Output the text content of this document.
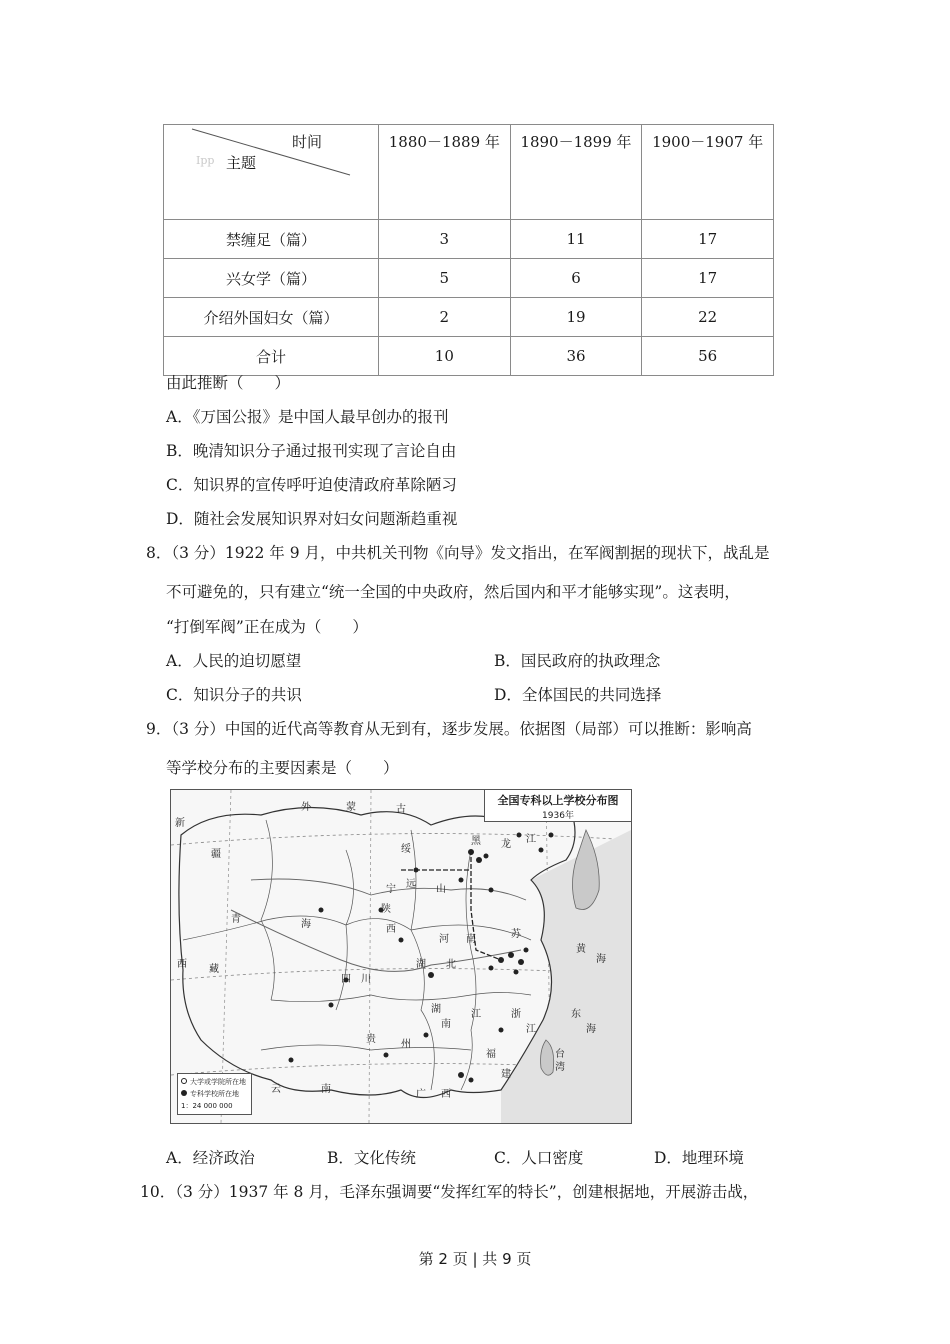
Ipp
时间
主题	1880－1889 年	1890－1899 年	1900－1907 年
禁缠足（篇）	3	11	17
兴女学（篇）	5	6	17
介绍外国妇女（篇）	2	19	22
合计	10	36	56
由此推断（　　）
A．《万国公报》是中国人最早创办的报刊
B．晚清知识分子通过报刊实现了言论自由
C．知识界的宣传呼吁迫使清政府革除陋习
D．随社会发展知识界对妇女问题渐趋重视
8．（3 分）1922 年 9 月，中共机关刊物《向导》发文指出，在军阀割据的现状下，战乱是
不可避免的，只有建立“统一全国的中央政府，然后国内和平才能够实现”。这表明，
“打倒军阀”正在成为（　　）
A．人民的迫切愿望	B．国民政府的执政理念
C．知识分子的共识	D．全体国民的共同选择
9．（3 分）中国的近代高等教育从无到有，逐步发展。依据图（局部）可以推断：影响高
等学校分布的主要因素是（　　）
新
疆
外	蒙	古
宁
绥
远
青	海
西 藏
四 川
陕
西
山
河 南
湖 北
云	南
贵	州
湖
南
广 西
江
苏
浙
江
福
建
黄
海
东
海
台
湾
黑 龙 江
全国专科以上学校分布图
1936年
大学或学院所在地
专科学校所在地
1：24 000 000
A．经济政治	B．文化传统	C．人口密度	D．地理环境
10．（3 分）1937 年 8 月，毛泽东强调要“发挥红军的特长”，创建根据地，开展游击战，
第 2 页 | 共 9 页
